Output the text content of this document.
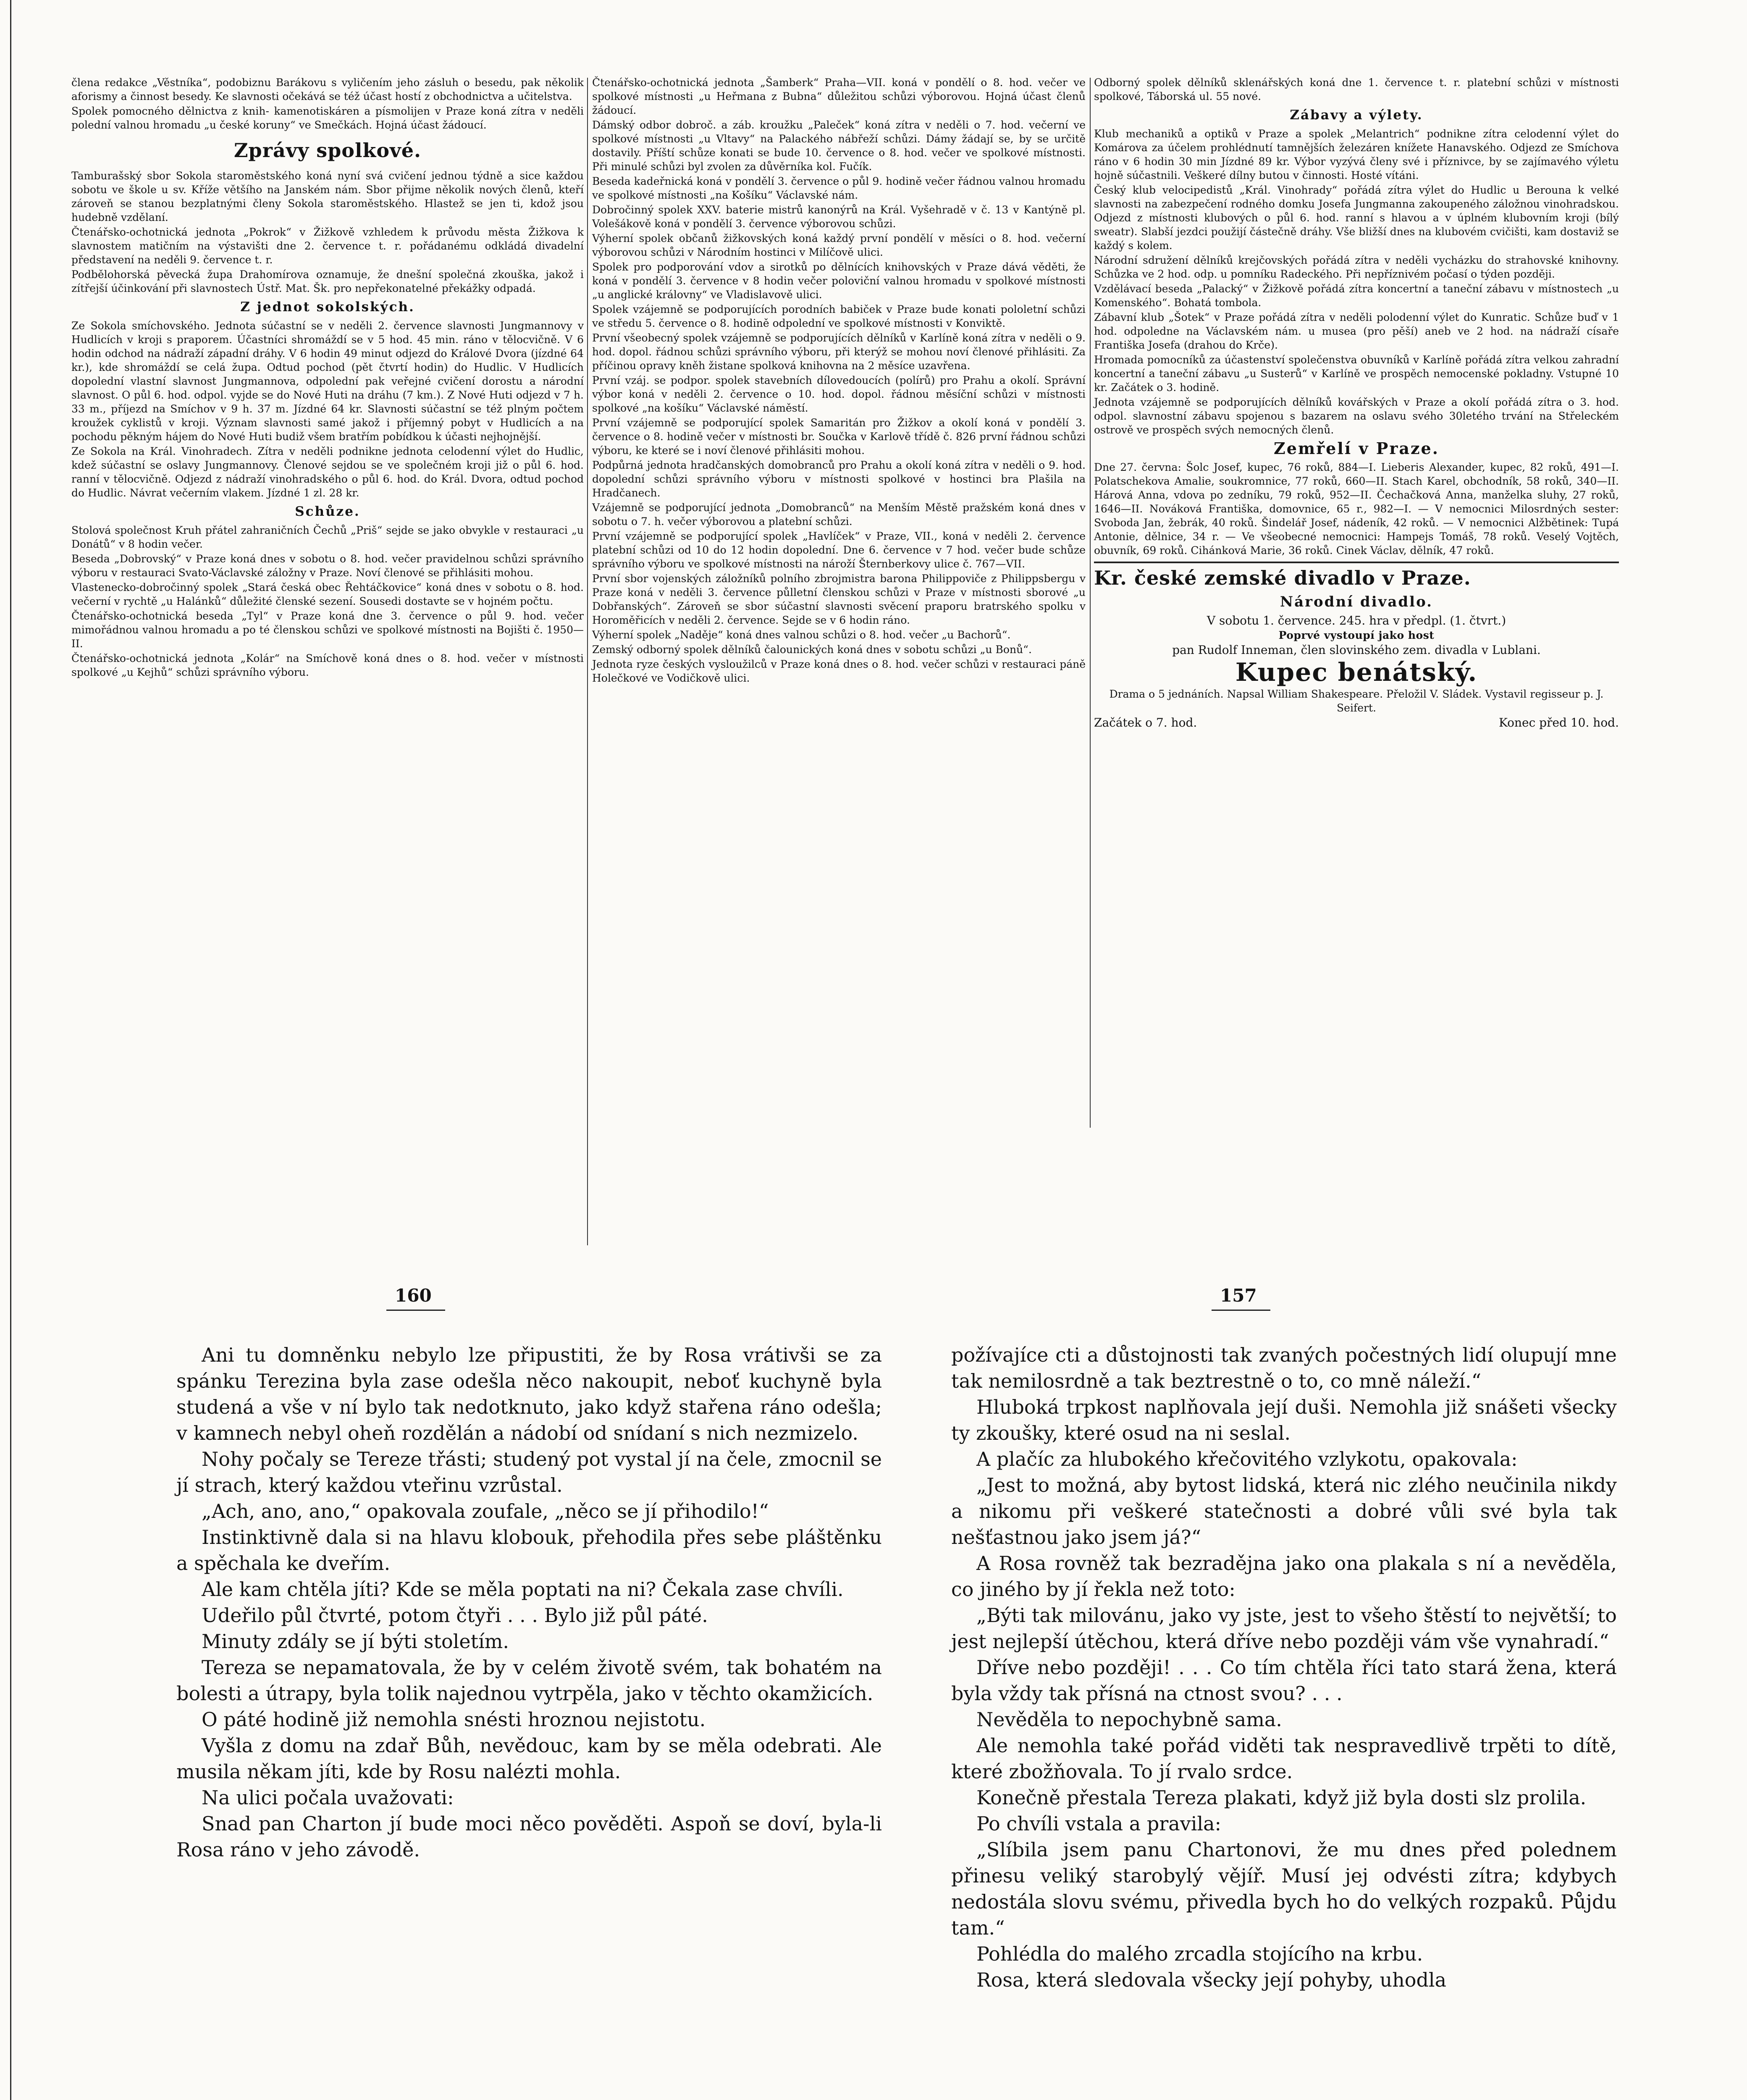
člena redakce „Věstníka“, podobiznu Barákovu s vyličením jeho zásluh o besedu, pak několik aforismy a činnost besedy. Ke slavnosti očekává se též účast hostí z obchodnictva a učitelstva.

Spolek pomocného dělnictva z knih- kamenotiskáren a písmolijen v Praze koná zítra v neděli polední valnou hromadu „u české koruny“ ve Smečkách. Hojná účast žádoucí.

Zprávy spolkové.

Tamburašský sbor Sokola staroměstského koná nyní svá cvičení jednou týdně a sice každou sobotu ve škole u sv. Kříže většího na Janském nám. Sbor přijme několik nových členů, kteří zároveň se stanou bezplatnými členy Sokola staroměstského. Hlastež se jen ti, kdož jsou hudebně vzdělaní.

Čtenářsko-ochotnická jednota „Pokrok“ v Žižkově vzhledem k průvodu města Žižkova k slavnostem matičním na výstavišti dne 2. července t. r. pořádanému odkládá divadelní představení na neděli 9. července t. r.

Podbělohorská pěvecká župa Drahomírova oznamuje, že dnešní společná zkouška, jakož i zítřejší účinkování při slavnostech Ústř. Mat. Šk. pro nepřekonatelné překážky odpadá.

Z jednot sokolských.

Ze Sokola smíchovského. Jednota súčastní se v neděli 2. července slavnosti Jungmannovy v Hudlicích v kroji s praporem. Účastníci shromáždí se v 5 hod. 45 min. ráno v tělocvičně. V 6 hodin odchod na nádraží západní dráhy. V 6 hodin 49 minut odjezd do Králové Dvora (jízdné 64 kr.), kde shromáždí se celá župa. Odtud pochod (pět čtvrtí hodin) do Hudlic. V Hudlicích dopolední vlastní slavnost Jungmannova, odpolední pak veřejné cvičení dorostu a národní slavnost. O půl 6. hod. odpol. vyjde se do Nové Huti na dráhu (7 km.). Z Nové Huti odjezd v 7 h. 33 m., příjezd na Smíchov v 9 h. 37 m. Jízdné 64 kr. Slavnosti súčastní se též plným počtem kroužek cyklistů v kroji. Význam slavnosti samé jakož i příjemný pobyt v Hudlicích a na pochodu pěkným hájem do Nové Huti budiž všem bratřím pobídkou k účasti nejhojnější.

Ze Sokola na Král. Vinohradech. Zítra v neděli podnikne jednota celodenní výlet do Hudlic, kdež súčastní se oslavy Jungmannovy. Členové sejdou se ve společném kroji již o půl 6. hod. ranní v tělocvičně. Odjezd z nádraží vinohradského o půl 6. hod. do Král. Dvora, odtud pochod do Hudlic. Návrat večerním vlakem. Jízdné 1 zl. 28 kr.

Schůze.

Stolová společnost Kruh přátel zahraničních Čechů „Priš“ sejde se jako obvykle v restauraci „u Donátů“ v 8 hodin večer.

Beseda „Dobrovský“ v Praze koná dnes v sobotu o 8. hod. večer pravidelnou schůzi správního výboru v restauraci Svato-Václavské záložny v Praze. Noví členové se přihlásiti mohou.

Vlastenecko-dobročinný spolek „Stará česká obec Řehtáčkovice“ koná dnes v sobotu o 8. hod. večerní v rychtě „u Halánků“ důležité členské sezení. Sousedi dostavte se v hojném počtu.

Čtenářsko-ochotnická beseda „Tyl“ v Praze koná dne 3. července o půl 9. hod. večer mimořádnou valnou hromadu a po té členskou schůzi ve spolkové místnosti na Bojišti č. 1950—II.

Čtenářsko-ochotnická jednota „Kolár“ na Smíchově koná dnes o 8. hod. večer v místnosti spolkové „u Kejhů“ schůzi správního výboru.

Čtenářsko-ochotnická jednota „Šamberk“ Praha—VII. koná v pondělí o 8. hod. večer ve spolkové místnosti „u Heřmana z Bubna“ důležitou schůzi výborovou. Hojná účast členů žádoucí.

Dámský odbor dobroč. a záb. kroužku „Paleček“ koná zítra v neděli o 7. hod. večerní ve spolkové místnosti „u Vltavy“ na Palackého nábřeží schůzi. Dámy žádají se, by se určitě dostavily. Příští schůze konati se bude 10. července o 8. hod. večer ve spolkové místnosti. Při minulé schůzi byl zvolen za důvěrníka kol. Fučík.

Beseda kadeřnická koná v pondělí 3. července o půl 9. hodině večer řádnou valnou hromadu ve spolkové místnosti „na Košíku“ Václavské nám.

Dobročinný spolek XXV. baterie mistrů kanonýrů na Král. Vyšehradě v č. 13 v Kantýně pl. Volešákově koná v pondělí 3. července výborovou schůzi.

Výherní spolek občanů žižkovských koná každý první pondělí v měsíci o 8. hod. večerní výborovou schůzi v Národním hostinci v Milíčově ulici.

Spolek pro podporování vdov a sirotků po dělnících knihovských v Praze dává věděti, že koná v pondělí 3. července v 8 hodin večer poloviční valnou hromadu v spolkové místnosti „u anglické královny“ ve Vladislavově ulici.

Spolek vzájemně se podporujících porodních babiček v Praze bude konati pololetní schůzi ve středu 5. července o 8. hodině odpolední ve spolkové místnosti v Konviktě.

První všeobecný spolek vzájemně se podporujících dělníků v Karlíně koná zítra v neděli o 9. hod. dopol. řádnou schůzi správního výboru, při kterýž se mohou noví členové přihlásiti. Za příčinou opravy kněh žistane spolková knihovna na 2 měsíce uzavřena.

První vzáj. se podpor. spolek stavebních dílovedoucích (polírů) pro Prahu a okolí. Správní výbor koná v neděli 2. července o 10. hod. dopol. řádnou měsíční schůzi v místnosti spolkové „na košíku“ Václavské náměstí.

První vzájemně se podporující spolek Samaritán pro Žižkov a okolí koná v pondělí 3. července o 8. hodině večer v místnosti br. Součka v Karlově třídě č. 826 první řádnou schůzi výboru, ke které se i noví členové přihlásiti mohou.

Podpůrná jednota hradčanských domobranců pro Prahu a okolí koná zítra v neděli o 9. hod. dopolední schůzi správního výboru v místnosti spolkové v hostinci bra Plašila na Hradčanech.

Vzájemně se podporující jednota „Domobranců“ na Menším Městě pražském koná dnes v sobotu o 7. h. večer výborovou a platební schůzi.

První vzájemně se podporující spolek „Havlíček“ v Praze, VII., koná v neděli 2. července platební schůzi od 10 do 12 hodin dopolední. Dne 6. července v 7 hod. večer bude schůze správního výboru ve spolkové místnosti na nároží Šternberkovy ulice č. 767—VII.

První sbor vojenských záložníků polního zbrojmistra barona Philippoviče z Philippsbergu v Praze koná v neděli 3. července půlletní členskou schůzi v Praze v místnosti sborové „u Dobřanských“. Zároveň se sbor súčastní slavnosti svěcení praporu bratrského spolku v Horoměřicích v neděli 2. července. Sejde se v 6 hodin ráno.

Výherní spolek „Naděje“ koná dnes valnou schůzi o 8. hod. večer „u Bachorů“.

Zemský odborný spolek dělníků čalounických koná dnes v sobotu schůzi „u Bonů“.

Jednota ryze českých vysloužilců v Praze koná dnes o 8. hod. večer schůzi v restauraci páně Holečkové ve Vodičkově ulici.

Odborný spolek dělníků sklenářských koná dne 1. července t. r. platební schůzi v místnosti spolkové, Táborská ul. 55 nové.

Zábavy a výlety.

Klub mechaniků a optiků v Praze a spolek „Melantrich“ podnikne zítra celodenní výlet do Komárova za účelem prohlédnutí tamnějších železáren knížete Hanavského. Odjezd ze Smíchova ráno v 6 hodin 30 min Jízdné 89 kr. Výbor vyzývá členy své i příznivce, by se zajímavého výletu hojně súčastnili. Veškeré dílny butou v činnosti. Hosté vítáni.

Český klub velocipedistů „Král. Vinohrady“ pořádá zítra výlet do Hudlic u Berouna k velké slavnosti na zabezpečení rodného domku Josefa Jungmanna zakoupeného záložnou vinohradskou. Odjezd z místnosti klubových o půl 6. hod. ranní s hlavou a v úplném klubovním kroji (bílý sweatr). Slabší jezdci použijí částečně dráhy. Vše bližší dnes na klubovém cvičišti, kam dostaviž se každý s kolem.

Národní sdružení dělníků krejčovských pořádá zítra v neděli vycházku do strahovské knihovny. Schůzka ve 2 hod. odp. u pomníku Radeckého. Při nepříznivém počasí o týden později.

Vzdělávací beseda „Palacký“ v Žižkově pořádá zítra koncertní a taneční zábavu v místnostech „u Komenského“. Bohatá tombola.

Zábavní klub „Šotek“ v Praze pořádá zítra v neděli polodenní výlet do Kunratic. Schůze buď v 1 hod. odpoledne na Václavském nám. u musea (pro pěší) aneb ve 2 hod. na nádraží císaře Františka Josefa (drahou do Krče).

Hromada pomocníků za účastenství společenstva obuvníků v Karlíně pořádá zítra velkou zahradní koncertní a taneční zábavu „u Susterů“ v Karlíně ve prospěch nemocenské pokladny. Vstupné 10 kr. Začátek o 3. hodině.

Jednota vzájemně se podporujících dělníků kovářských v Praze a okolí pořádá zítra o 3. hod. odpol. slavnostní zábavu spojenou s bazarem na oslavu svého 30letého trvání na Střeleckém ostrově ve prospěch svých nemocných členů.

Zemřelí v Praze.

Dne 27. června: Šolc Josef, kupec, 76 roků, 884—I. Lieberis Alexander, kupec, 82 roků, 491—I. Polatschekova Amalie, soukromnice, 77 roků, 660—II. Stach Karel, obchodník, 58 roků, 340—II. Hárová Anna, vdova po zedníku, 79 roků, 952—II. Čechačková Anna, manželka sluhy, 27 roků, 1646—II. Nováková Františka, domovnice, 65 r., 982—I. — V nemocnici Milosrdných sester: Svoboda Jan, žebrák, 40 roků. Šindelář Josef, nádeník, 42 roků. — V nemocnici Alžbětinek: Tupá Antonie, dělnice, 34 r. — Ve všeobecné nemocnici: Hampejs Tomáš, 78 roků. Veselý Vojtěch, obuvník, 69 roků. Cihánková Marie, 36 roků. Cinek Václav, dělník, 47 roků.

Kr. české zemské divadlo v Praze.
Národní divadlo.

V sobotu 1. července. 245. hra v předpl. (1. čtvrt.)

Poprvé vystoupí jako host

pan Rudolf Inneman, člen slovinského zem. divadla v Lublani.

Kupec benátský.

Drama o 5 jednáních. Napsal William Shakespeare. Přeložil V. Sládek. Vystavil regisseur p. J. Seifert.

Začátek o 7. hod.	Konec před 10. hod.
160	157

Ani tu domněnku nebylo lze připustiti, že by Rosa vrátivši se za spánku Terezina byla zase odešla něco nakoupit, neboť kuchyně byla studená a vše v ní bylo tak nedotknuto, jako když stařena ráno odešla; v kamnech nebyl oheň rozdělán a nádobí od snídaní s nich nezmizelo.

Nohy počaly se Tereze třásti; studený pot vystal jí na čele, zmocnil se jí strach, který každou vteřinu vzrůstal.

„Ach, ano, ano,“ opakovala zoufale, „něco se jí přihodilo!“

Instinktivně dala si na hlavu klobouk, přehodila přes sebe pláštěnku a spěchala ke dveřím.

Ale kam chtěla jíti? Kde se měla poptati na ni? Čekala zase chvíli.

Udeřilo půl čtvrté, potom čtyři . . . Bylo již půl páté.

Minuty zdály se jí býti stoletím.

Tereza se nepamatovala, že by v celém životě svém, tak bohatém na bolesti a útrapy, byla tolik najednou vytrpěla, jako v těchto okamžicích.

O páté hodině již nemohla snésti hroznou nejistotu.

Vyšla z domu na zdař Bůh, nevědouc, kam by se měla odebrati. Ale musila někam jíti, kde by Rosu nalézti mohla.

Na ulici počala uvažovati:

Snad pan Charton jí bude moci něco pověděti. Aspoň se doví, byla-li Rosa ráno v jeho závodě.

požívajíce cti a důstojnosti tak zvaných počestných lidí olupují mne tak nemilosrdně a tak beztrestně o to, co mně náleží.“

Hluboká trpkost naplňovala její duši. Nemohla již snášeti všecky ty zkoušky, které osud na ni seslal.

A plačíc za hlubokého křečovitého vzlykotu, opakovala:

„Jest to možná, aby bytost lidská, která nic zlého neučinila nikdy a nikomu při veškeré statečnosti a dobré vůli své byla tak nešťastnou jako jsem já?“

A Rosa rovněž tak bezradějna jako ona plakala s ní a nevěděla, co jiného by jí řekla než toto:

„Býti tak milovánu, jako vy jste, jest to všeho štěstí to největší; to jest nejlepší útěchou, která dříve nebo později vám vše vynahradí.“

Dříve nebo později! . . . Co tím chtěla říci tato stará žena, která byla vždy tak přísná na ctnost svou? . . .

Nevěděla to nepochybně sama.

Ale nemohla také pořád viděti tak nespravedlivě trpěti to dítě, které zbožňovala. To jí rvalo srdce.

Konečně přestala Tereza plakati, když již byla dosti slz prolila.

Po chvíli vstala a pravila:

„Slíbila jsem panu Chartonovi, že mu dnes před polednem přinesu veliký starobylý vějíř. Musí jej odvésti zítra; kdybych nedostála slovu svému, přivedla bych ho do velkých rozpaků. Půjdu tam.“

Pohlédla do malého zrcadla stojícího na krbu.

Rosa, která sledovala všecky její pohyby, uhodla
